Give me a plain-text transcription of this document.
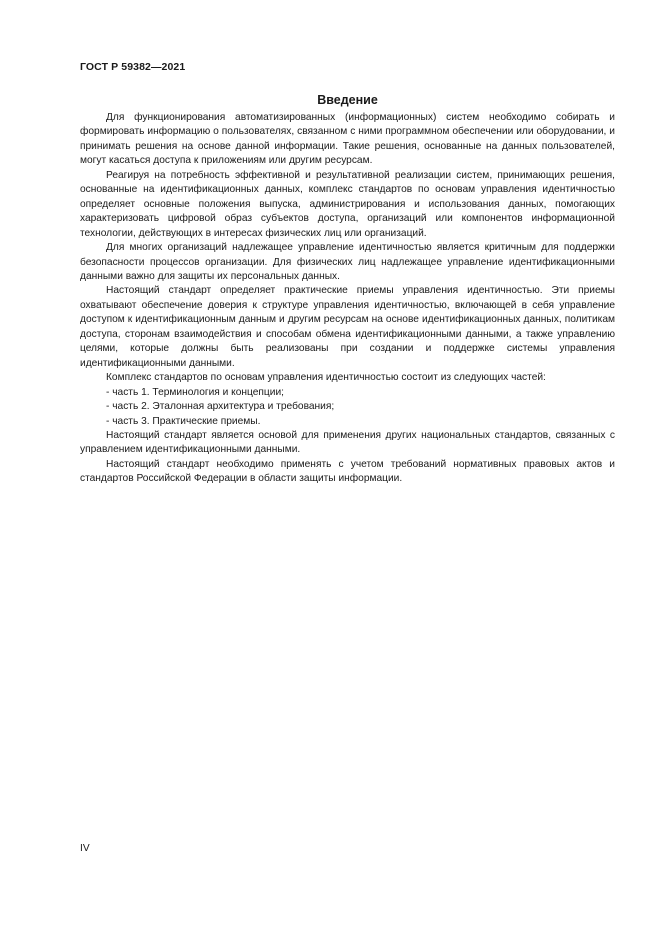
ГОСТ Р 59382—2021
Введение

Для функционирования автоматизированных (информационных) систем необходимо собирать и формировать информацию о пользователях, связанном с ними программном обеспечении или оборудовании, и принимать решения на основе данной информации. Такие решения, основанные на данных пользователей, могут касаться доступа к приложениям или другим ресурсам.

Реагируя на потребность эффективной и результативной реализации систем, принимающих решения, основанные на идентификационных данных, комплекс стандартов по основам управления идентичностью определяет основные положения выпуска, администрирования и использования данных, помогающих характеризовать цифровой образ субъектов доступа, организаций или компонентов информационной технологии, действующих в интересах физических лиц или организаций.

Для многих организаций надлежащее управление идентичностью является критичным для поддержки безопасности процессов организации. Для физических лиц надлежащее управление идентификационными данными важно для защиты их персональных данных.

Настоящий стандарт определяет практические приемы управления идентичностью. Эти приемы охватывают обеспечение доверия к структуре управления идентичностью, включающей в себя управление доступом к идентификационным данным и другим ресурсам на основе идентификационных данных, политикам доступа, сторонам взаимодействия и способам обмена идентификационными данными, а также управлению целями, которые должны быть реализованы при создании и поддержке системы управления идентификационными данными.

Комплекс стандартов по основам управления идентичностью состоит из следующих частей:

- часть 1. Терминология и концепции;

- часть 2. Эталонная архитектура и требования;

- часть 3. Практические приемы.

Настоящий стандарт является основой для применения других национальных стандартов, связанных с управлением идентификационными данными.

Настоящий стандарт необходимо применять с учетом требований нормативных правовых актов и стандартов Российской Федерации в области защиты информации.

IV
